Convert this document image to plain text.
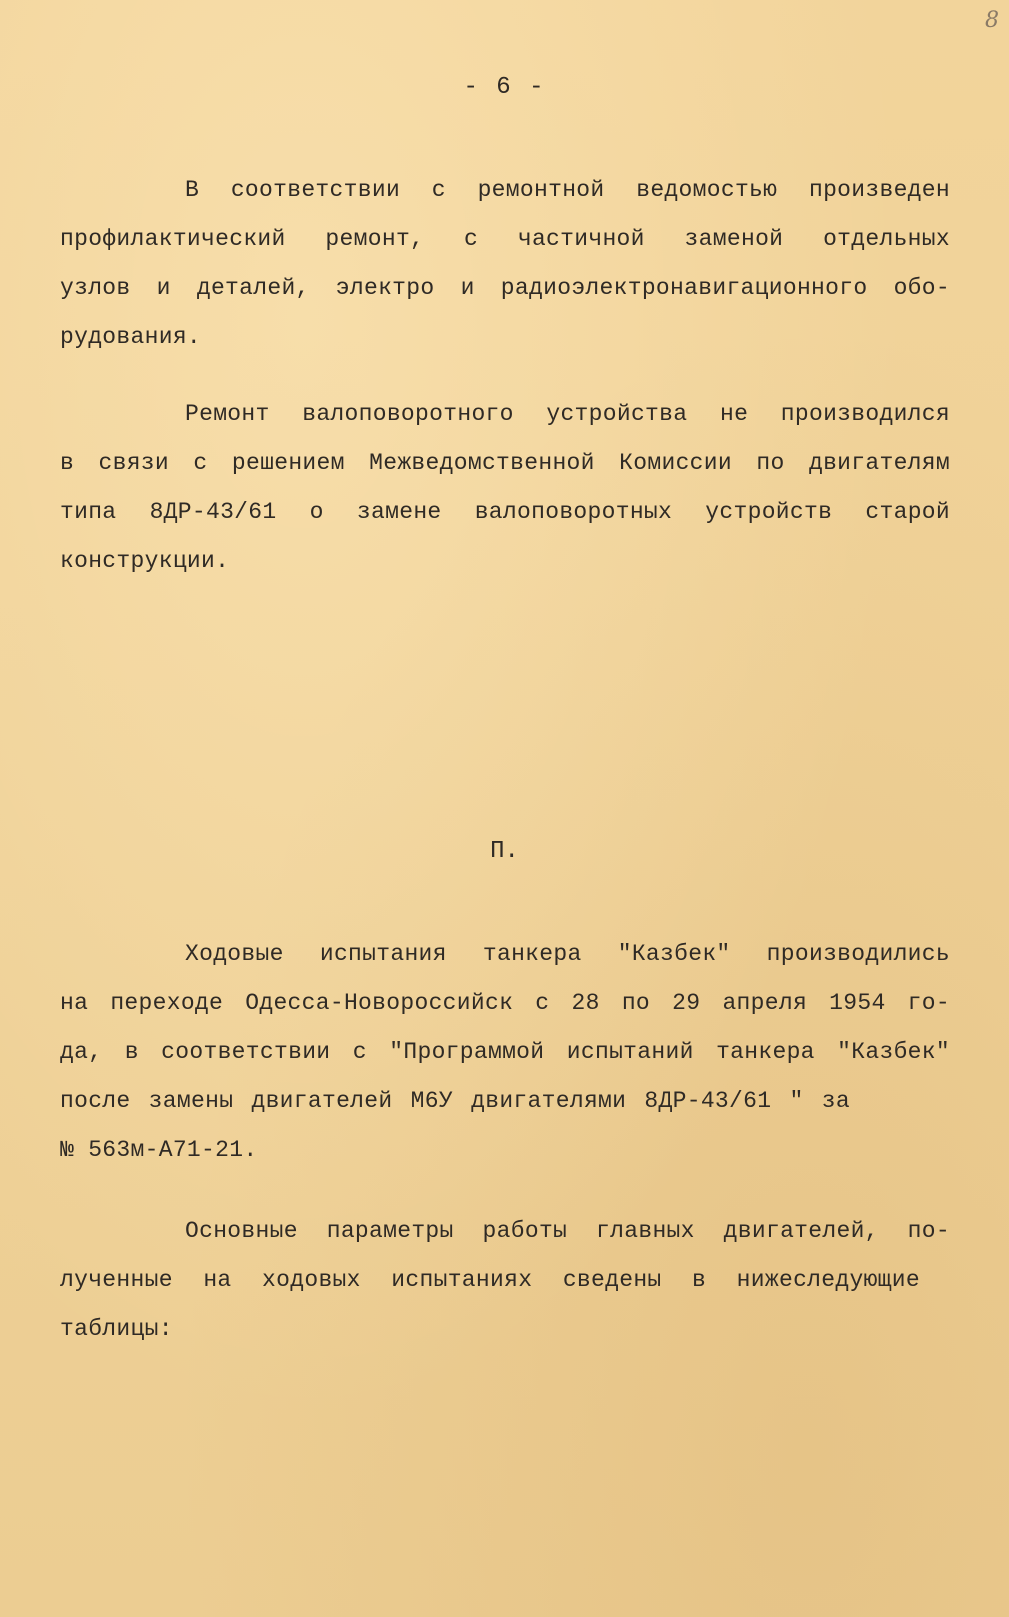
8
- 6 -
В соответствии с ремонтной ведомостью произведен
профилактический ремонт, с частичной заменой отдельных
узлов и деталей, электро и радиоэлектронавигационного обо-
рудования.
Ремонт валоповоротного устройства не производился
в связи с решением Межведомственной Комиссии по двигателям
типа 8ДР-43/61 о замене валоповоротных устройств старой
конструкции.
П.
Ходовые испытания танкера "Казбек" производились
на переходе Одесса-Новороссийск с 28 по 29 апреля 1954 го-
да, в соответствии с "Программой испытаний танкера "Казбек"
после замены двигателей М6У двигателями 8ДР-43/61 " за
№ 563м-А71-21.
Основные параметры работы главных двигателей, по-
лученные на ходовых испытаниях сведены в нижеследующие
таблицы:
